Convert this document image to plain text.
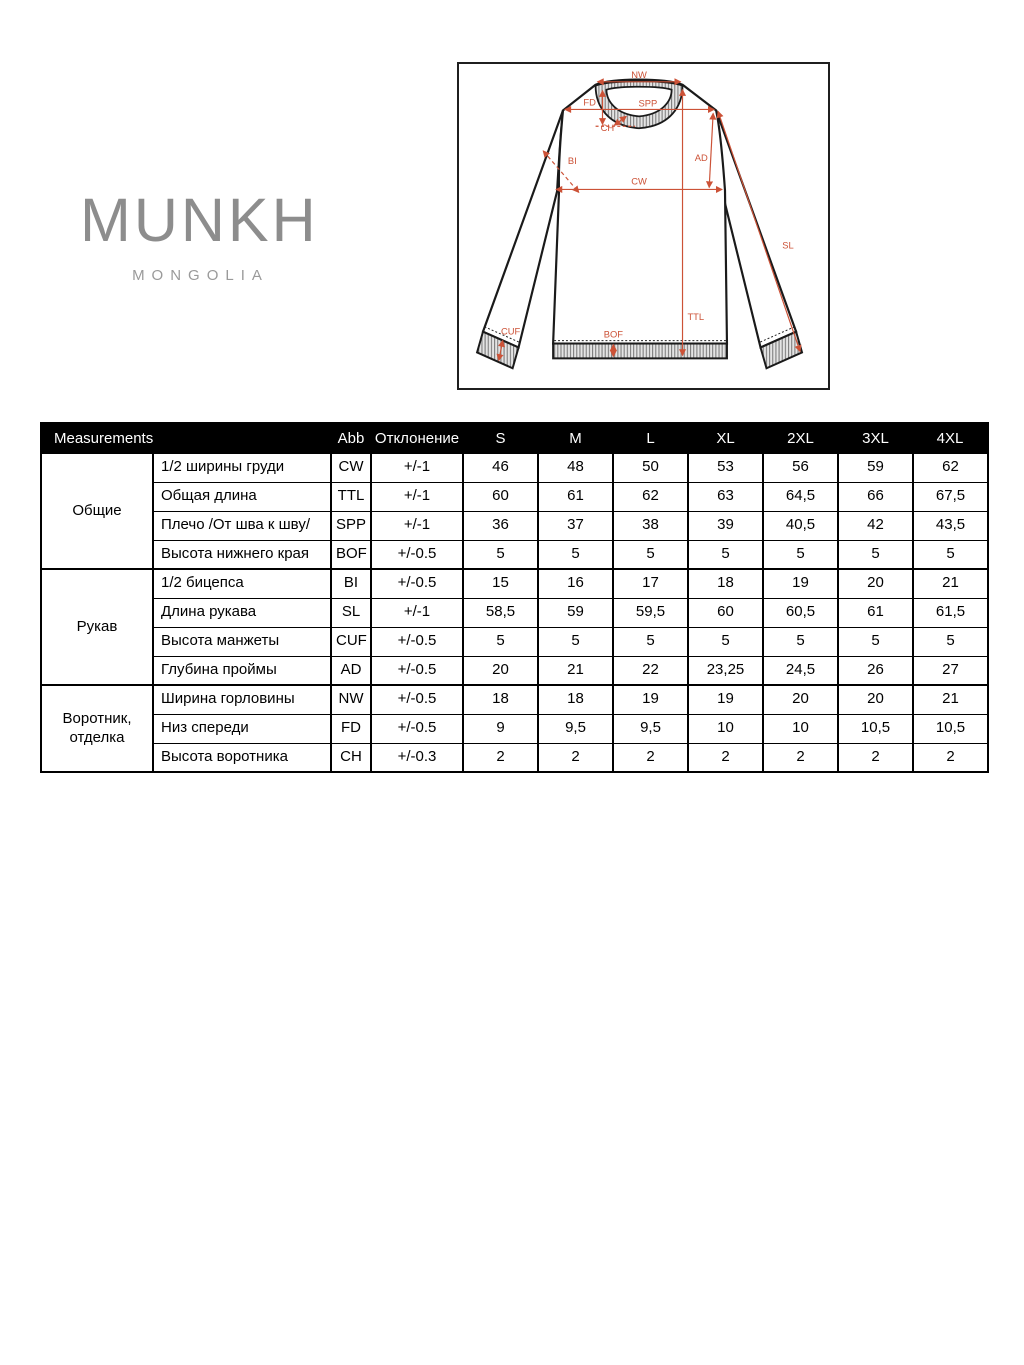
MUNKH
MONGOLIA
NW
FD	SPP
CH
BI
CW
AD
SL
TTL
BOF
CUF
Measurements		Abb	Отклонение	S	M	L	XL	2XL	3XL	4XL
Общие	1/2 ширины груди	CW	+/-1	46	48	50	53	56	59	62
	Общая длина	TTL	+/-1	60	61	62	63	64,5	66	67,5
	Плечо /От шва к шву/	SPP	+/-1	36	37	38	39	40,5	42	43,5
	Высота нижнего края	BOF	+/-0.5	5	5	5	5	5	5	5
Рукав	1/2 бицепса	BI	+/-0.5	15	16	17	18	19	20	21
	Длина рукава	SL	+/-1	58,5	59	59,5	60	60,5	61	61,5
	Высота манжеты	CUF	+/-0.5	5	5	5	5	5	5	5
	Глубина проймы	AD	+/-0.5	20	21	22	23,25	24,5	26	27
Воротник, отделка	Ширина горловины	NW	+/-0.5	18	18	19	19	20	20	21
	Низ спереди	FD	+/-0.5	9	9,5	9,5	10	10	10,5	10,5
	Высота воротника	CH	+/-0.3	2	2	2	2	2	2	2
